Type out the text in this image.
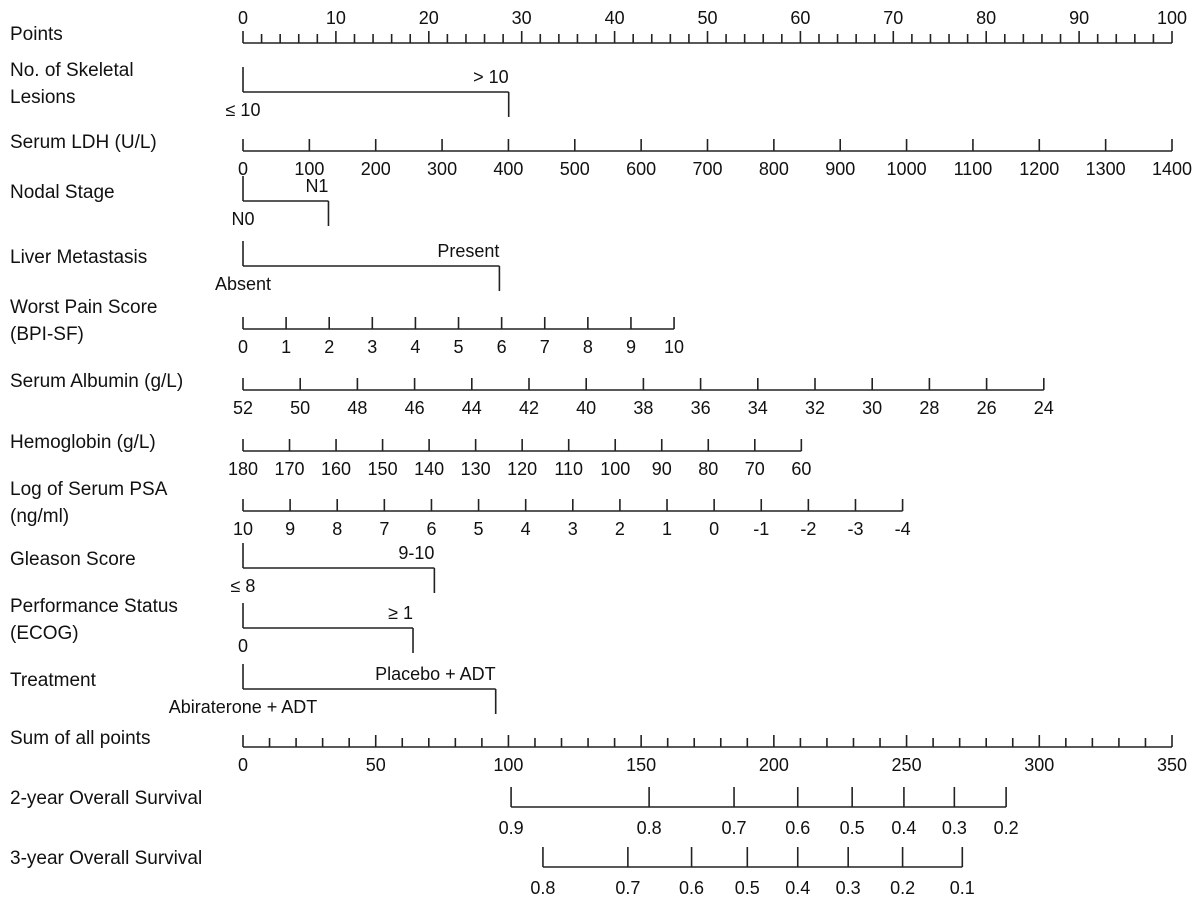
Points
0	10	20	30	40	50	60	70	80	90	100
No. of Skeletal
Lesions
> 10
≤ 10
Serum LDH (U/L)
0	100 200 300 400 500 600 700 800 900 1000 1100 1200 1300 1400
Nodal Stage	N1
N0
Liver Metastasis	Present
Absent
Worst Pain Score
(BPI-SF)
0 1 2 3 4 5 6 7 8 9 10
Serum Albumin (g/L)
52 50 48 46 44 42 40 38 36 34 32 30 28 26 24
Hemoglobin (g/L)
180 170 160 150 140 130 120 110 100 90 80 70 60
Log of Serum PSA
(ng/ml)
10 9 8 7 6 5 4 3 2 1 0 -1 -2 -3 -4
Gleason Score	9-10
≤ 8
Performance Status
(ECOG)
≥ 1
0
Treatment	Placebo + ADT
Abiraterone + ADT
Sum of all points
0	50	100	150	200	250	300	350
2-year Overall Survival
0.9	0.8	0.7 0.6 0.5 0.4 0.3 0.2
3-year Overall Survival
0.8	0.7 0.6 0.5 0.4 0.3 0.2 0.1
